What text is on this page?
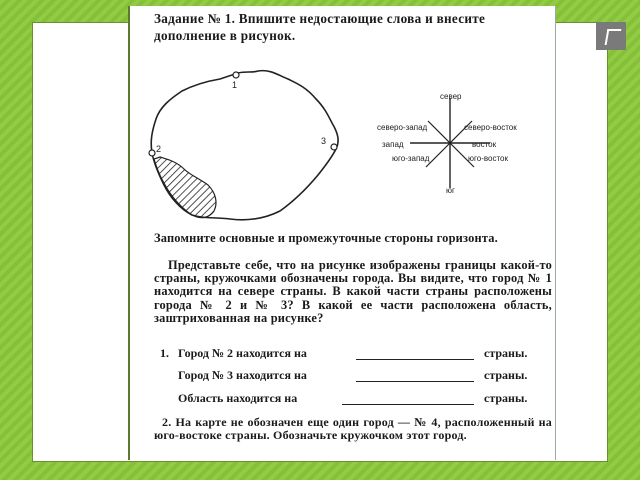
Задание № 1. Впишите недостающие слова и внесите дополнение в рисунок.
1
2
3
север
северо-запад	северо-восток
запад	восток
юго-запад	юго-восток
юг
Запомните основные и промежуточные стороны горизонта.
Представьте себе, что на рисунке изображены границы какой-то страны, кружочками обозначены города. Вы видите, что город № 1 находится на севере страны. В какой части страны расположены города № 2 и № 3? В какой ее части расположена область, заштрихованная на рисунке?
1. Город № 2 находится на	страны.
Город № 3 находится на	страны.
Область находится на	страны.
2. На карте не обозначен еще один город — № 4, расположенный на юго-востоке страны. Обозначьте кружочком этот город.
